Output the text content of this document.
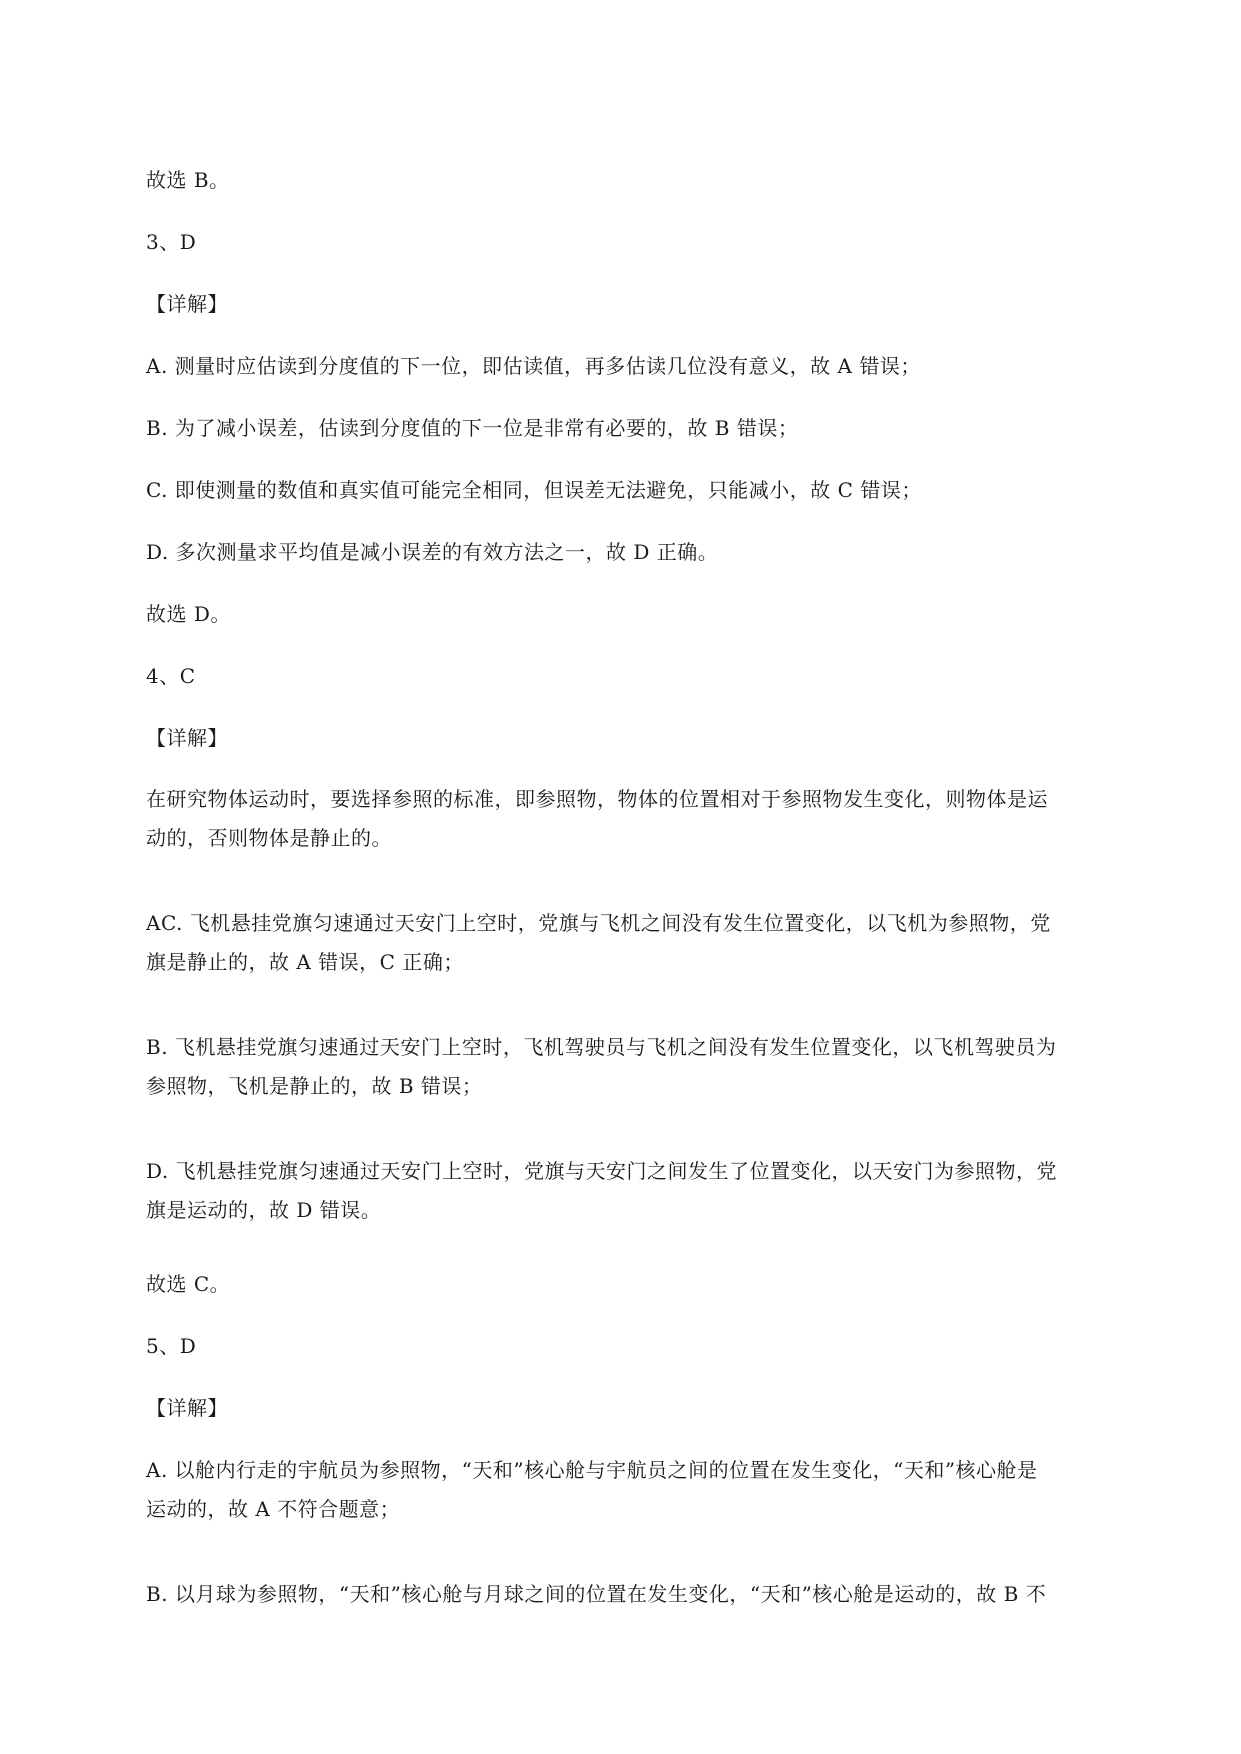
故选 B。
3、D
【详解】
A. 测量时应估读到分度值的下一位，即估读值，再多估读几位没有意义，故 A 错误；
B. 为了减小误差，估读到分度值的下一位是非常有必要的，故 B 错误；
C. 即使测量的数值和真实值可能完全相同，但误差无法避免，只能减小，故 C 错误；
D. 多次测量求平均值是减小误差的有效方法之一，故 D 正确。
故选 D。
4、C
【详解】
在研究物体运动时，要选择参照的标准，即参照物，物体的位置相对于参照物发生变化，则物体是运
动的，否则物体是静止的。
AC. 飞机悬挂党旗匀速通过天安门上空时，党旗与飞机之间没有发生位置变化，以飞机为参照物，党
旗是静止的，故 A 错误，C 正确；
B. 飞机悬挂党旗匀速通过天安门上空时，飞机驾驶员与飞机之间没有发生位置变化，以飞机驾驶员为
参照物，飞机是静止的，故 B 错误；
D. 飞机悬挂党旗匀速通过天安门上空时，党旗与天安门之间发生了位置变化，以天安门为参照物，党
旗是运动的，故 D 错误。
故选 C。
5、D
【详解】
A. 以舱内行走的宇航员为参照物，“天和”核心舱与宇航员之间的位置在发生变化，“天和”核心舱是
运动的，故 A 不符合题意；
B. 以月球为参照物，“天和”核心舱与月球之间的位置在发生变化，“天和”核心舱是运动的，故 B 不
